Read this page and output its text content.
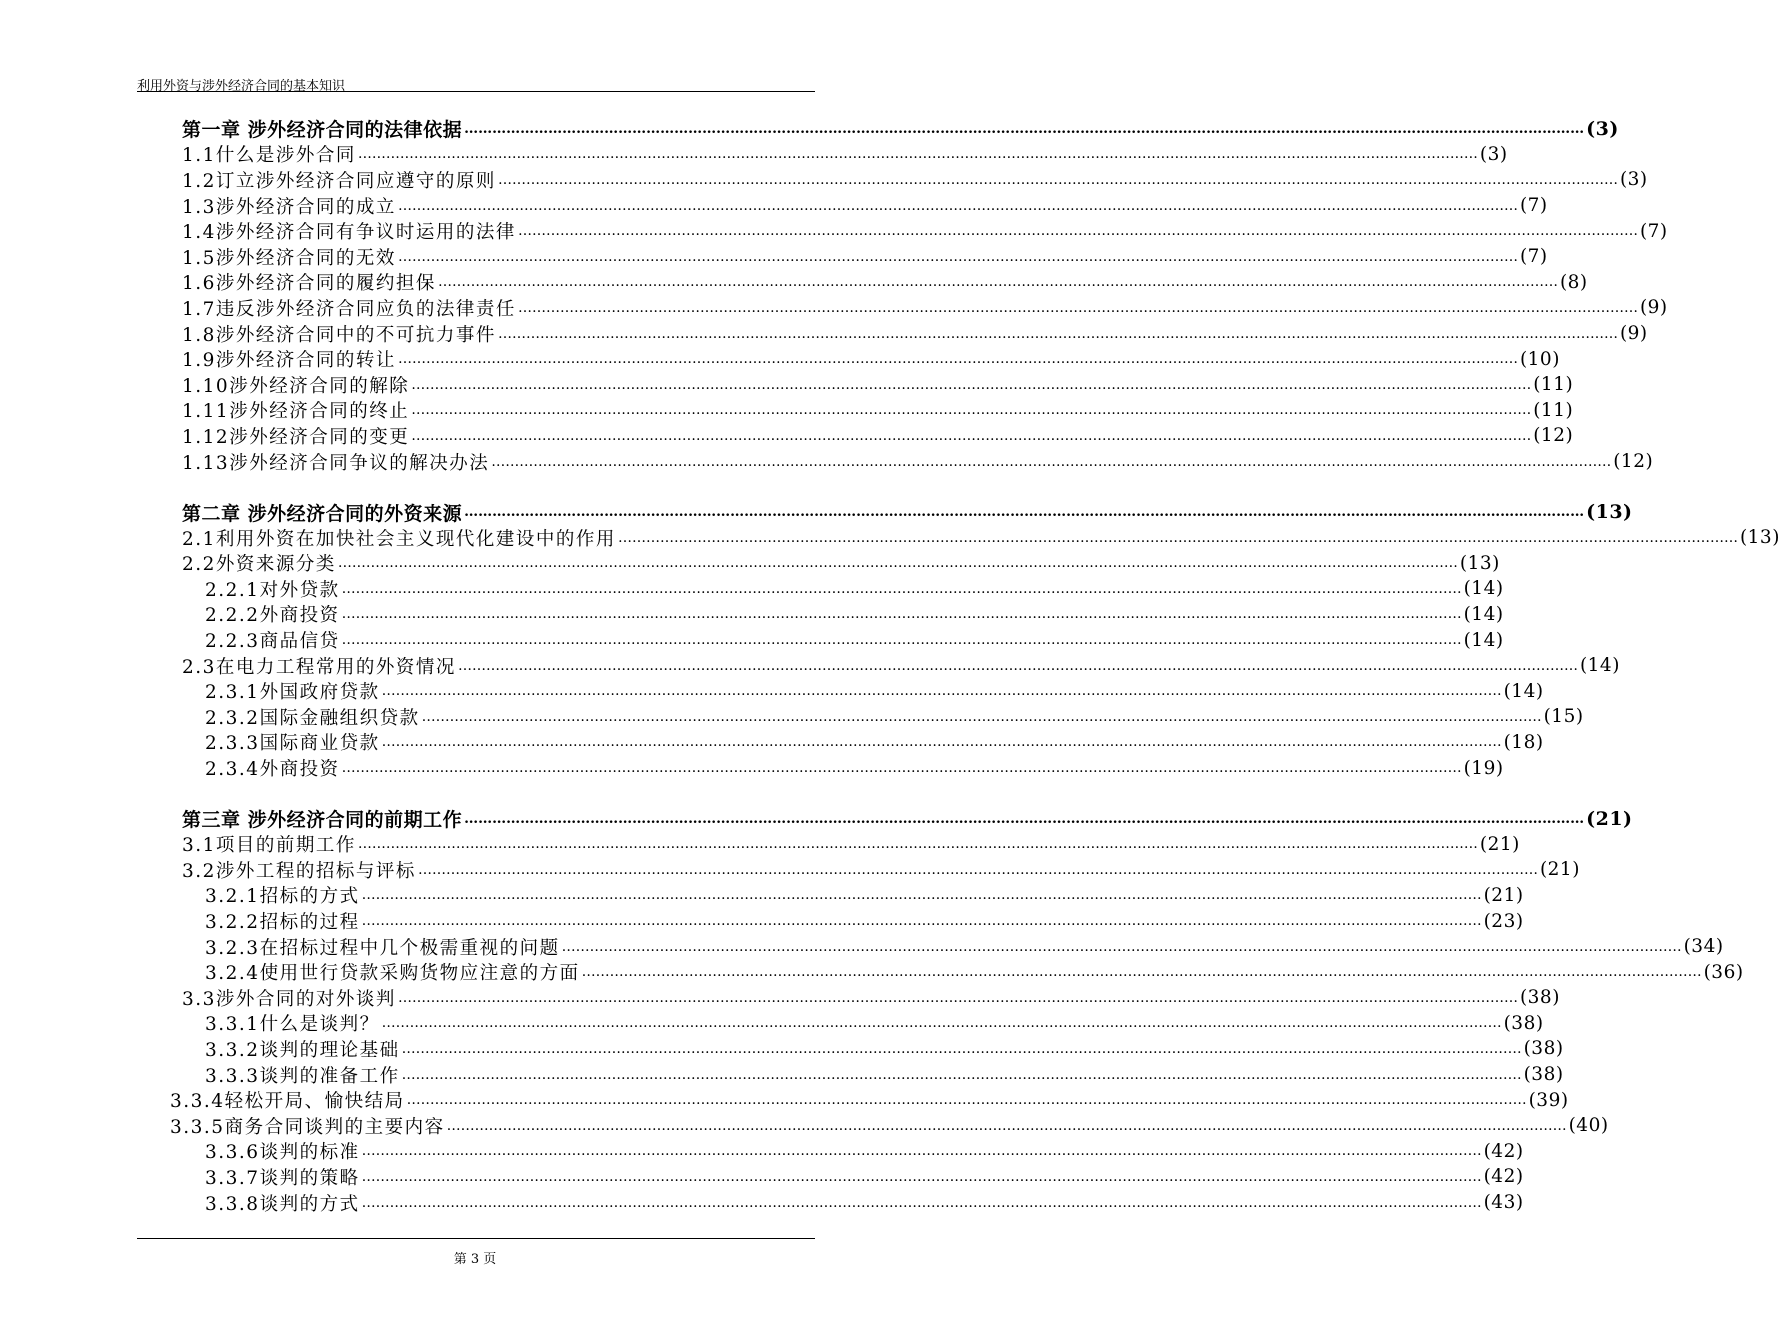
利用外资与涉外经济合同的基本知识
第一章 涉外经济合同的法律依据 …………………………………………………………………………………………………………………………………………………………………………………………………………………… (3)
1.1什么是涉外合同 …………………………………………………………………………………………………………………………………………………………………………………………………………………… (3)
1.2订立涉外经济合同应遵守的原则 …………………………………………………………………………………………………………………………………………………………………………………………………………………… (3)
1.3涉外经济合同的成立 …………………………………………………………………………………………………………………………………………………………………………………………………………………… (7)
1.4涉外经济合同有争议时运用的法律 …………………………………………………………………………………………………………………………………………………………………………………………………………………… (7)
1.5涉外经济合同的无效 …………………………………………………………………………………………………………………………………………………………………………………………………………………… (7)
1.6涉外经济合同的履约担保 …………………………………………………………………………………………………………………………………………………………………………………………………………………… (8)
1.7违反涉外经济合同应负的法律责任 …………………………………………………………………………………………………………………………………………………………………………………………………………………… (9)
1.8涉外经济合同中的不可抗力事件 …………………………………………………………………………………………………………………………………………………………………………………………………………………… (9)
1.9涉外经济合同的转让 …………………………………………………………………………………………………………………………………………………………………………………………………………………… (10)
1.10涉外经济合同的解除 …………………………………………………………………………………………………………………………………………………………………………………………………………………… (11)
1.11涉外经济合同的终止 …………………………………………………………………………………………………………………………………………………………………………………………………………………… (11)
1.12涉外经济合同的变更 …………………………………………………………………………………………………………………………………………………………………………………………………………………… (12)
1.13涉外经济合同争议的解决办法 …………………………………………………………………………………………………………………………………………………………………………………………………………………… (12)
第二章 涉外经济合同的外资来源 …………………………………………………………………………………………………………………………………………………………………………………………………………………… (13)
2.1利用外资在加快社会主义现代化建设中的作用 …………………………………………………………………………………………………………………………………………………………………………………………………………………… (13)
2.2外资来源分类 …………………………………………………………………………………………………………………………………………………………………………………………………………………… (13)
2.2.1对外贷款 …………………………………………………………………………………………………………………………………………………………………………………………………………………… (14)
2.2.2外商投资 …………………………………………………………………………………………………………………………………………………………………………………………………………………… (14)
2.2.3商品信贷 …………………………………………………………………………………………………………………………………………………………………………………………………………………… (14)
2.3在电力工程常用的外资情况 …………………………………………………………………………………………………………………………………………………………………………………………………………………… (14)
2.3.1外国政府贷款 …………………………………………………………………………………………………………………………………………………………………………………………………………………… (14)
2.3.2国际金融组织贷款 …………………………………………………………………………………………………………………………………………………………………………………………………………………… (15)
2.3.3国际商业贷款 …………………………………………………………………………………………………………………………………………………………………………………………………………………… (18)
2.3.4外商投资 …………………………………………………………………………………………………………………………………………………………………………………………………………………… (19)
第三章 涉外经济合同的前期工作 …………………………………………………………………………………………………………………………………………………………………………………………………………………… (21)
3.1项目的前期工作 …………………………………………………………………………………………………………………………………………………………………………………………………………………… (21)
3.2涉外工程的招标与评标 …………………………………………………………………………………………………………………………………………………………………………………………………………………… (21)
3.2.1招标的方式 …………………………………………………………………………………………………………………………………………………………………………………………………………………… (21)
3.2.2招标的过程 …………………………………………………………………………………………………………………………………………………………………………………………………………………… (23)
3.2.3在招标过程中几个极需重视的问题 …………………………………………………………………………………………………………………………………………………………………………………………………………………… (34)
3.2.4使用世行贷款采购货物应注意的方面 …………………………………………………………………………………………………………………………………………………………………………………………………………………… (36)
3.3涉外合同的对外谈判 …………………………………………………………………………………………………………………………………………………………………………………………………………………… (38)
3.3.1什么是谈判？ …………………………………………………………………………………………………………………………………………………………………………………………………………………… (38)
3.3.2谈判的理论基础 …………………………………………………………………………………………………………………………………………………………………………………………………………………… (38)
3.3.3谈判的准备工作 …………………………………………………………………………………………………………………………………………………………………………………………………………………… (38)
3.3.4轻松开局、愉快结局 …………………………………………………………………………………………………………………………………………………………………………………………………………………… (39)
3.3.5商务合同谈判的主要内容 …………………………………………………………………………………………………………………………………………………………………………………………………………………… (40)
3.3.6谈判的标准 …………………………………………………………………………………………………………………………………………………………………………………………………………………… (42)
3.3.7谈判的策略 …………………………………………………………………………………………………………………………………………………………………………………………………………………… (42)
3.3.8谈判的方式 …………………………………………………………………………………………………………………………………………………………………………………………………………………… (43)
第 3 页
